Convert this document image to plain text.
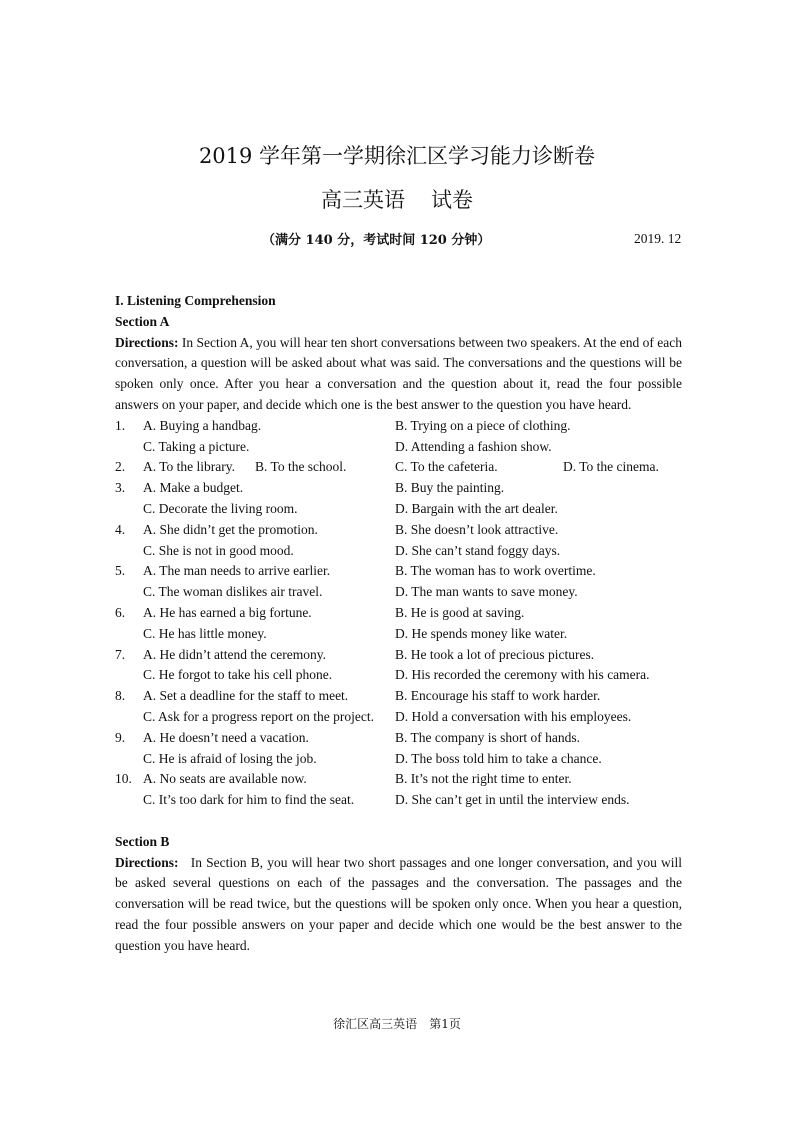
2019 学年第一学期徐汇区学习能力诊断卷
高三英语 试卷
（满分 140 分，考试时间 120 分钟）	2019. 12
I. Listening Comprehension
Section A
Directions: In Section A, you will hear ten short conversations between two speakers. At the end of each conversation, a question will be asked about what was said. The conversations and the questions will be spoken only once. After you hear a conversation and the question about it, read the four possible answers on your paper, and decide which one is the best answer to the question you have heard.
1.	A. Buying a handbag.	B. Trying on a piece of clothing.
C. Taking a picture.	D. Attending a fashion show.
2.	A. To the library.	B. To the school.	C. To the cafeteria.	D. To the cinema.
3.	A. Make a budget.	B. Buy the painting.
C. Decorate the living room.	D. Bargain with the art dealer.
4.	A. She didn’t get the promotion.	B. She doesn’t look attractive.
C. She is not in good mood.	D. She can’t stand foggy days.
5.	A. The man needs to arrive earlier.	B. The woman has to work overtime.
C. The woman dislikes air travel.	D. The man wants to save money.
6.	A. He has earned a big fortune.	B. He is good at saving.
C. He has little money.	D. He spends money like water.
7.	A. He didn’t attend the ceremony.	B. He took a lot of precious pictures.
C. He forgot to take his cell phone.	D. His recorded the ceremony with his camera.
8.	A. Set a deadline for the staff to meet.	B. Encourage his staff to work harder.
C. Ask for a progress report on the project.	D. Hold a conversation with his employees.
9.	A. He doesn’t need a vacation.	B. The company is short of hands.
C. He is afraid of losing the job.	D. The boss told him to take a chance.
10. A. No seats are available now.	B. It’s not the right time to enter.
C. It’s too dark for him to find the seat.	D. She can’t get in until the interview ends.
Section B
Directions:   In Section B, you will hear two short passages and one longer conversation, and you will be asked several questions on each of the passages and the conversation. The passages and the conversation will be read twice, but the questions will be spoken only once. When you hear a question, read the four possible answers on your paper and decide which one would be the best answer to the question you have heard.
徐汇区高三英语 第1页
